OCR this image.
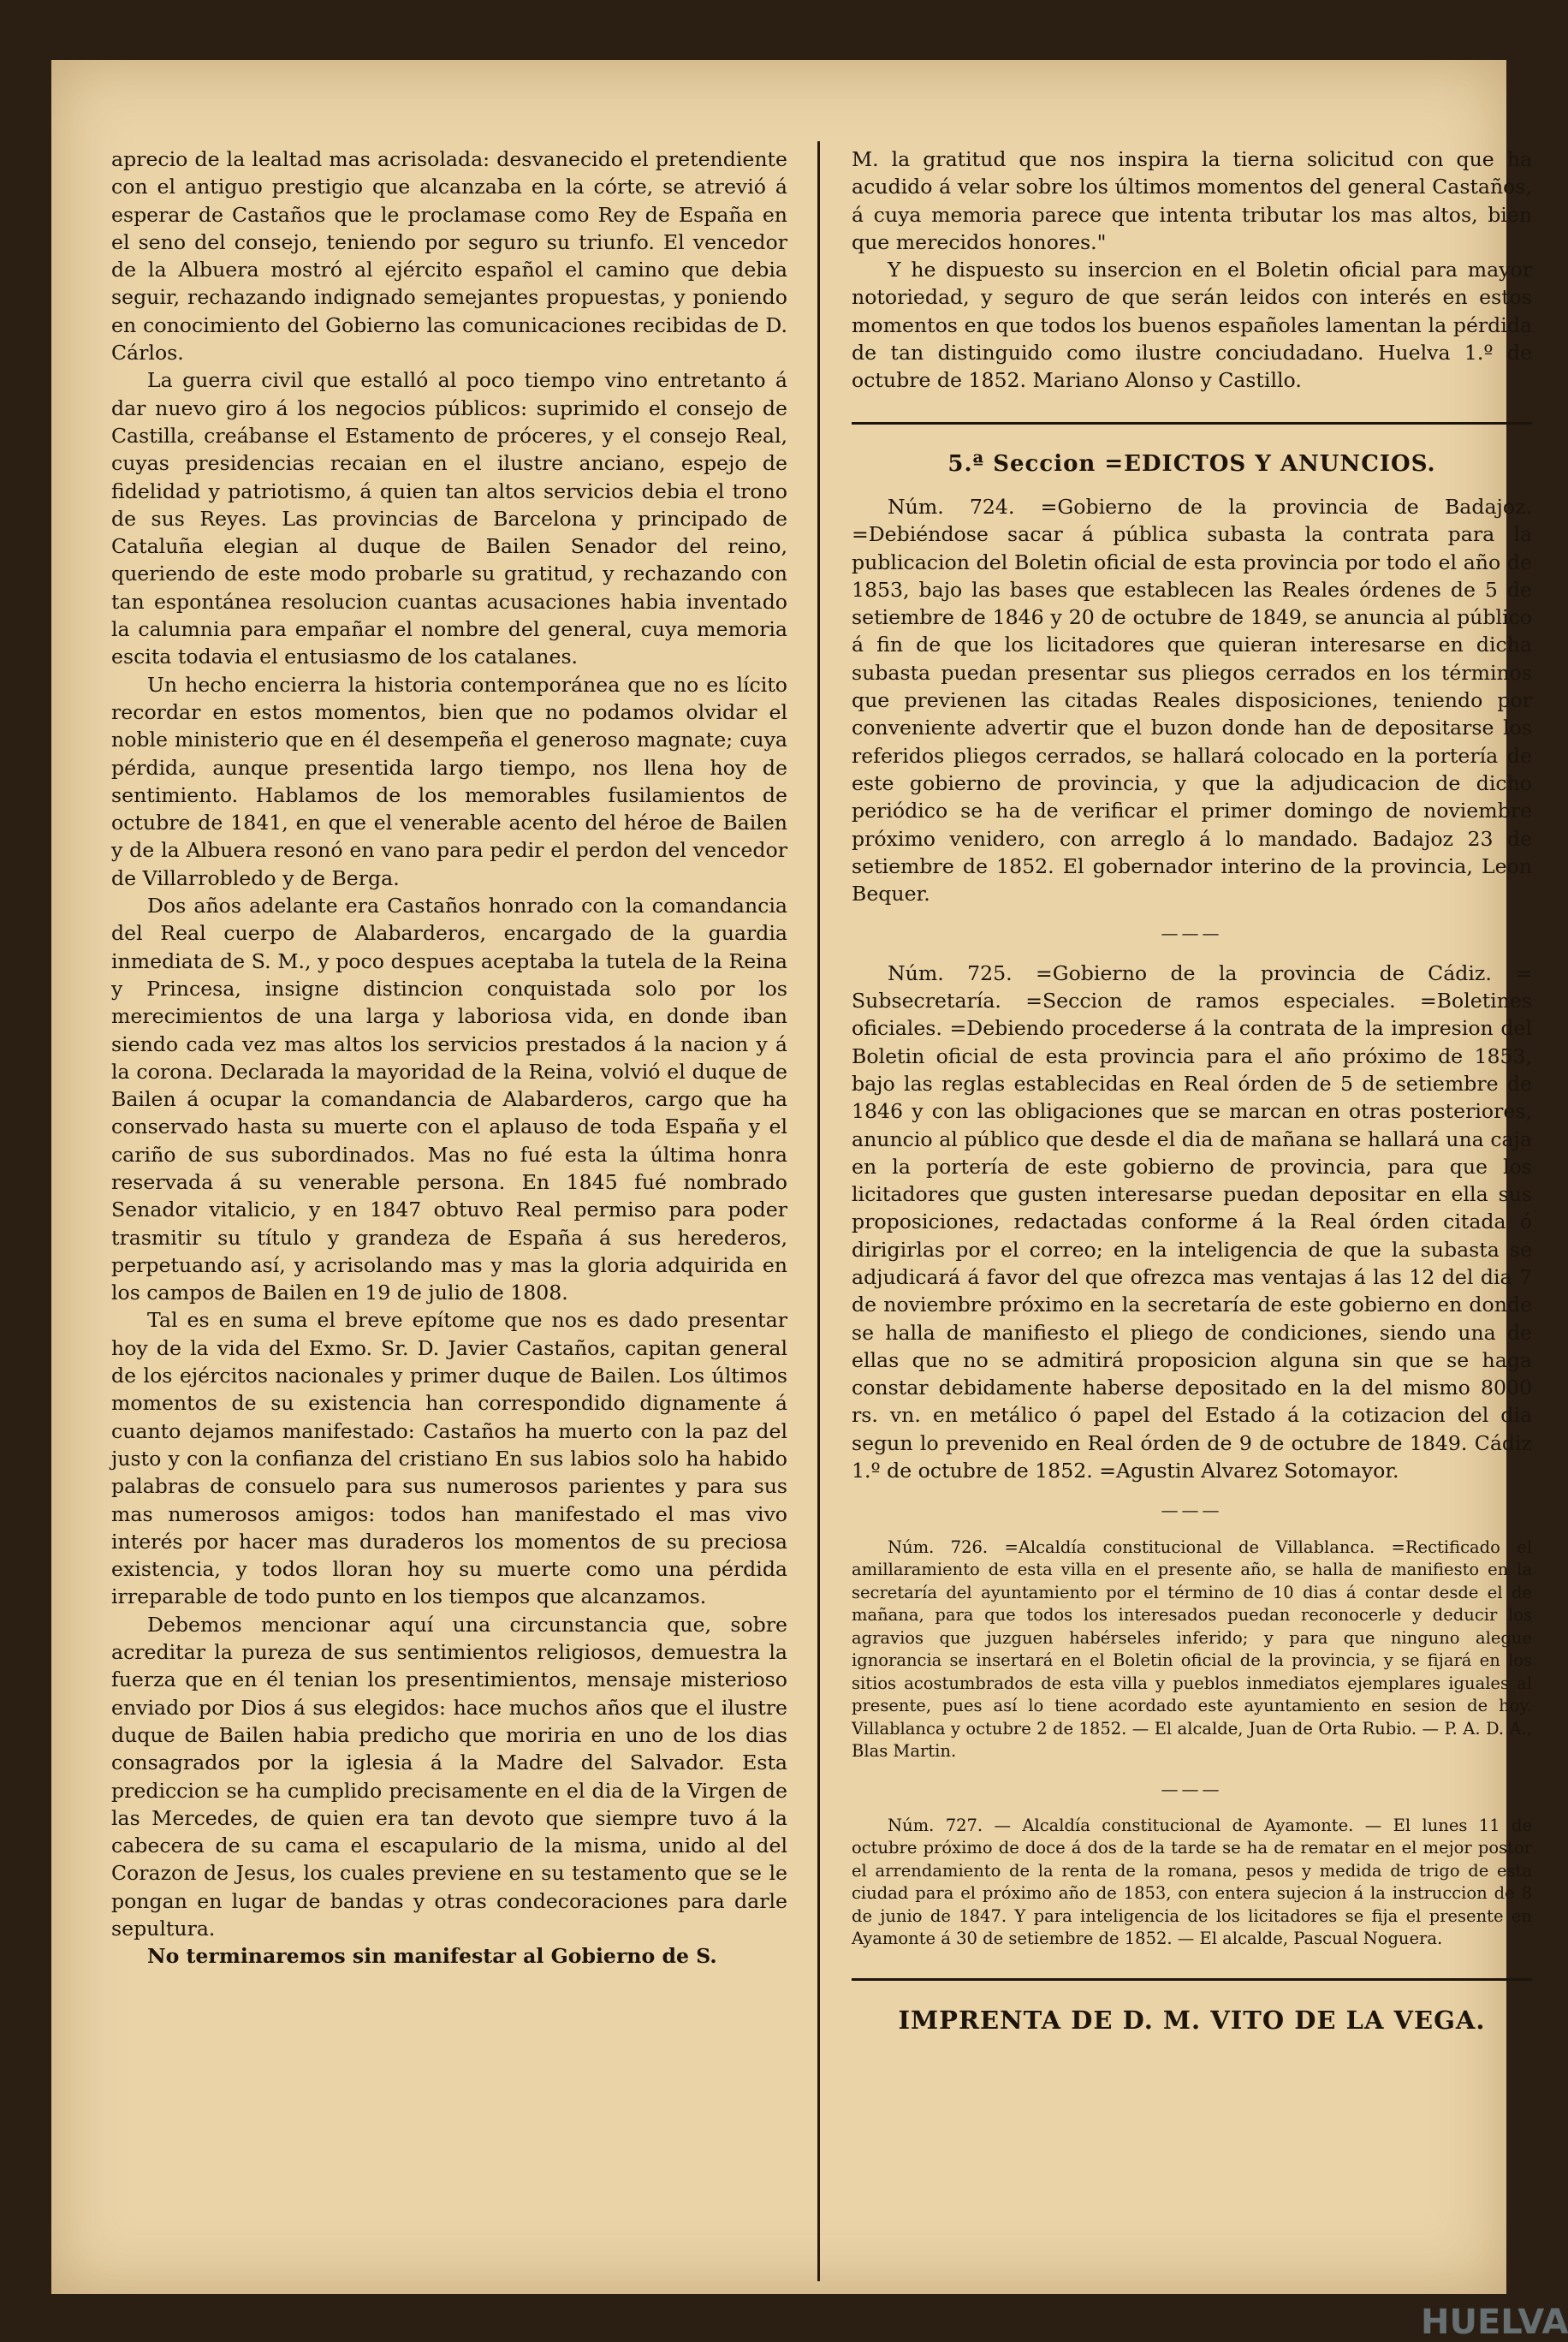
aprecio de la lealtad mas acrisolada: desvanecido el pretendiente con el antiguo prestigio que alcanzaba en la córte, se atrevió á esperar de Castaños que le proclamase como Rey de España en el seno del consejo, teniendo por seguro su triunfo. El vencedor de la Albuera mostró al ejército español el camino que debia seguir, rechazando indignado semejantes propuestas, y poniendo en conocimiento del Gobierno las comunicaciones recibidas de D. Cárlos.

La guerra civil que estalló al poco tiempo vino entretanto á dar nuevo giro á los negocios públicos: suprimido el consejo de Castilla, creábanse el Estamento de próceres, y el consejo Real, cuyas presidencias recaian en el ilustre anciano, espejo de fidelidad y patriotismo, á quien tan altos servicios debia el trono de sus Reyes. Las provincias de Barcelona y principado de Cataluña elegian al duque de Bailen Senador del reino, queriendo de este modo probarle su gratitud, y rechazando con tan espontánea resolucion cuantas acusaciones habia inventado la calumnia para empañar el nombre del general, cuya memoria escita todavia el entusiasmo de los catalanes.

Un hecho encierra la historia contemporánea que no es lícito recordar en estos momentos, bien que no podamos olvidar el noble ministerio que en él desempeña el generoso magnate; cuya pérdida, aunque presentida largo tiempo, nos llena hoy de sentimiento. Hablamos de los memorables fusilamientos de octubre de 1841, en que el venerable acento del héroe de Bailen y de la Albuera resonó en vano para pedir el perdon del vencedor de Villarrobledo y de Berga.

Dos años adelante era Castaños honrado con la comandancia del Real cuerpo de Alabarderos, encargado de la guardia inmediata de S. M., y poco despues aceptaba la tutela de la Reina y Princesa, insigne distincion conquistada solo por los merecimientos de una larga y laboriosa vida, en donde iban siendo cada vez mas altos los servicios prestados á la nacion y á la corona. Declarada la mayoridad de la Reina, volvió el duque de Bailen á ocupar la comandancia de Alabarderos, cargo que ha conservado hasta su muerte con el aplauso de toda España y el cariño de sus subordinados. Mas no fué esta la última honra reservada á su venerable persona. En 1845 fué nombrado Senador vitalicio, y en 1847 obtuvo Real permiso para poder trasmitir su título y grandeza de España á sus herederos, perpetuando así, y acrisolando mas y mas la gloria adquirida en los campos de Bailen en 19 de julio de 1808.

Tal es en suma el breve epítome que nos es dado presentar hoy de la vida del Exmo. Sr. D. Javier Castaños, capitan general de los ejércitos nacionales y primer duque de Bailen. Los últimos momentos de su existencia han correspondido dignamente á cuanto dejamos manifestado: Castaños ha muerto con la paz del justo y con la confianza del cristiano En sus labios solo ha habido palabras de consuelo para sus numerosos parientes y para sus mas numerosos amigos: todos han manifestado el mas vivo interés por hacer mas duraderos los momentos de su preciosa existencia, y todos lloran hoy su muerte como una pérdida irreparable de todo punto en los tiempos que alcanzamos.

Debemos mencionar aquí una circunstancia que, sobre acreditar la pureza de sus sentimientos religiosos, demuestra la fuerza que en él tenian los presentimientos, mensaje misterioso enviado por Dios á sus elegidos: hace muchos años que el ilustre duque de Bailen habia predicho que moriria en uno de los dias consagrados por la iglesia á la Madre del Salvador. Esta prediccion se ha cumplido precisamente en el dia de la Virgen de las Mercedes, de quien era tan devoto que siempre tuvo á la cabecera de su cama el escapulario de la misma, unido al del Corazon de Jesus, los cuales previene en su testamento que se le pongan en lugar de bandas y otras condecoraciones para darle sepultura.

No terminaremos sin manifestar al Gobierno de S.

M. la gratitud que nos inspira la tierna solicitud con que ha acudido á velar sobre los últimos momentos del general Castaños, á cuya memoria parece que intenta tributar los mas altos, bien que merecidos honores."

Y he dispuesto su insercion en el Boletin oficial para mayor notoriedad, y seguro de que serán leidos con interés en estos momentos en que todos los buenos españoles lamentan la pérdida de tan distinguido como ilustre conciudadano. Huelva 1.º de octubre de 1852. Mariano Alonso y Castillo.

5.ª Seccion =EDICTOS Y ANUNCIOS.

Núm. 724. =Gobierno de la provincia de Badajoz. =Debiéndose sacar á pública subasta la contrata para la publicacion del Boletin oficial de esta provincia por todo el año de 1853, bajo las bases que establecen las Reales órdenes de 5 de setiembre de 1846 y 20 de octubre de 1849, se anuncia al público á fin de que los licitadores que quieran interesarse en dicha subasta puedan presentar sus pliegos cerrados en los términos que previenen las citadas Reales disposiciones, teniendo por conveniente advertir que el buzon donde han de depositarse los referidos pliegos cerrados, se hallará colocado en la portería de este gobierno de provincia, y que la adjudicacion de dicho periódico se ha de verificar el primer domingo de noviembre próximo venidero, con arreglo á lo mandado. Badajoz 23 de setiembre de 1852. El gobernador interino de la provincia, Leon Bequer.

———

Núm. 725. =Gobierno de la provincia de Cádiz. = Subsecretaría. =Seccion de ramos especiales. =Boletines oficiales. =Debiendo procederse á la contrata de la impresion del Boletin oficial de esta provincia para el año próximo de 1853, bajo las reglas establecidas en Real órden de 5 de setiembre de 1846 y con las obligaciones que se marcan en otras posteriores, anuncio al público que desde el dia de mañana se hallará una caja en la portería de este gobierno de provincia, para que los licitadores que gusten interesarse puedan depositar en ella sus proposiciones, redactadas conforme á la Real órden citada ó dirigirlas por el correo; en la inteligencia de que la subasta se adjudicará á favor del que ofrezca mas ventajas á las 12 del dia 7 de noviembre próximo en la secretaría de este gobierno en donde se halla de manifiesto el pliego de condiciones, siendo una de ellas que no se admitirá proposicion alguna sin que se haga constar debidamente haberse depositado en la del mismo 8000 rs. vn. en metálico ó papel del Estado á la cotizacion del dia segun lo prevenido en Real órden de 9 de octubre de 1849. Cádiz 1.º de octubre de 1852. =Agustin Alvarez Sotomayor.

———

Núm. 726. =Alcaldía constitucional de Villablanca. =Rectificado el amillaramiento de esta villa en el presente año, se halla de manifiesto en la secretaría del ayuntamiento por el término de 10 dias á contar desde el de mañana, para que todos los interesados puedan reconocerle y deducir los agravios que juzguen habérseles inferido; y para que ninguno alegue ignorancia se insertará en el Boletin oficial de la provincia, y se fijará en los sitios acostumbrados de esta villa y pueblos inmediatos ejemplares iguales al presente, pues así lo tiene acordado este ayuntamiento en sesion de hoy. Villablanca y octubre 2 de 1852. — El alcalde, Juan de Orta Rubio. — P. A. D. A., Blas Martin.

———

Núm. 727. — Alcaldía constitucional de Ayamonte. — El lunes 11 de octubre próximo de doce á dos de la tarde se ha de rematar en el mejor postor el arrendamiento de la renta de la romana, pesos y medida de trigo de esta ciudad para el próximo año de 1853, con entera sujecion á la instruccion de 8 de junio de 1847. Y para inteligencia de los licitadores se fija el presente en Ayamonte á 30 de setiembre de 1852. — El alcalde, Pascual Noguera.

IMPRENTA DE D. M. VITO DE LA VEGA.
HUELVA
